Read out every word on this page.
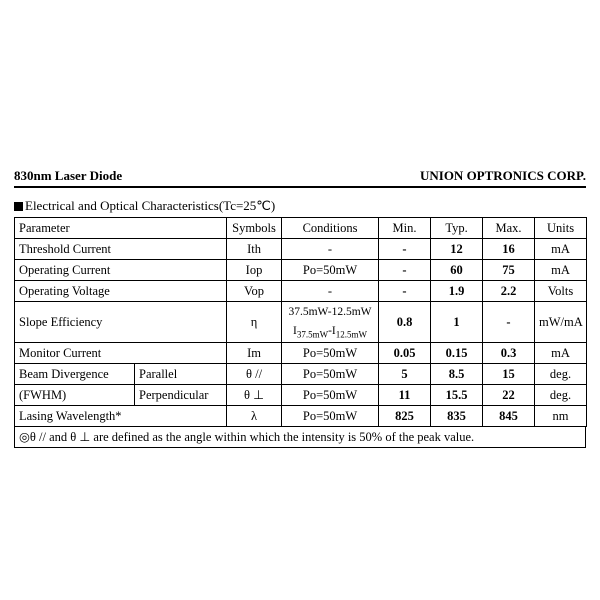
830nm Laser Diode	UNION OPTRONICS CORP.
Electrical and Optical Characteristics(Tc=25℃)
Parameter		Symbols	Conditions	Min.	Typ.	Max.	Units
Threshold Current		Ith	-	-	12	16	mA
Operating Current		Iop	Po=50mW	-	60	75	mA
Operating Voltage		Vop	-	-	1.9	2.2	Volts
Slope Efficiency		η	37.5mW-12.5mW	0.8	1	-	mW/mA
			$I_{37.5mW}-I_{12.5mW}$
Monitor Current		Im	Po=50mW	0.05	0.15	0.3	mA
Beam Divergence	Parallel	θ //	Po=50mW	5	8.5	15	deg.
(FWHM)	Perpendicular	θ ⊥	Po=50mW	11	15.5	22	deg.
Lasing Wavelength*		λ	Po=50mW	825	835	845	nm
◎θ // and θ ⊥ are defined as the angle within which the intensity is 50% of the peak value.
